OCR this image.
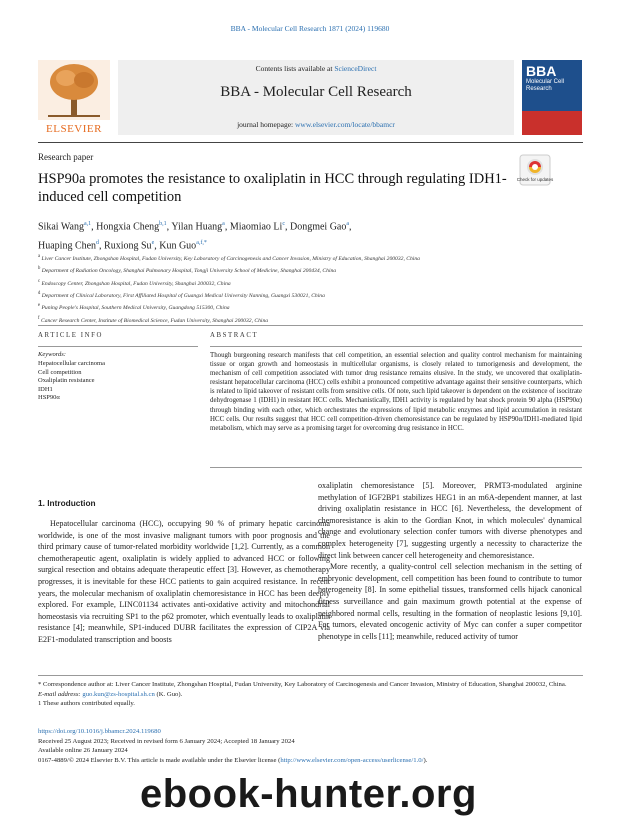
BBA - Molecular Cell Research 1871 (2024) 119680
ELSEVIER
Contents lists available at ScienceDirect
BBA - Molecular Cell Research
journal homepage: www.elsevier.com/locate/bbamcr
BBA
Molecular Cell Research
Research paper
HSP90a promotes the resistance to oxaliplatin in HCC through regulating IDH1-induced cell competition
Check for updates
Sikai Wang$^{a,1}$, Hongxia Cheng$^{b,1}$, Yilan Huang$^a$, Miaomiao Li$^c$, Dongmei Gao$^a$,
Huaping Chen$^d$, Ruxiong Su$^e$, Kun Guo$^{a,f,*}$
$^a$ Liver Cancer Institute, Zhongshan Hospital, Fudan University, Key Laboratory of Carcinogenesis and Cancer Invasion, Ministry of Education, Shanghai 200032, China
$^b$ Department of Radiation Oncology, Shanghai Pulmonary Hospital, Tongji University School of Medicine, Shanghai 200434, China
$^c$ Endoscopy Center, Zhongshan Hospital, Fudan University, Shanghai 200032, China
$^d$ Department of Clinical Laboratory, First Affiliated Hospital of Guangxi Medical University Nanning, Guangxi 530021, China
$^e$ Puning People's Hospital, Southern Medical University, Guangdong 515300, China
$^f$ Cancer Research Center, Institute of Biomedical Science, Fudan University, Shanghai 200032, China
ARTICLE INFO	ABSTRACT
Keywords:
Hepatocellular carcinoma
Cell competition
Oxaliplatin resistance
IDH1
HSP90α
Though burgeoning research manifests that cell competition, an essential selection and quality control mechanism for maintaining tissue or organ growth and homeostasis in multicellular organisms, is closely related to tumorigenesis and development, the mechanism of cell competition associated with tumor drug resistance remains elusive. In the study, we uncovered that oxaliplatin-resistant hepatocellular carcinoma (HCC) cells exhibit a pronounced competitive advantage against their sensitive counterparts, which is related to lipid takeover of resistant cells from sensitive cells. Of note, such lipid takeover is dependent on the existence of isocitrate dehydrogenase 1 (IDH1) in resistant HCC cells. Mechanistically, IDH1 activity is regulated by heat shock protein 90 alpha (HSP90α) through binding with each other, which orchestrates the expressions of lipid metabolic enzymes and lipid accumulation in resistant HCC cells. Our results suggest that HCC cell competition-driven chemoresistance can be regulated by HSP90α/IDH1-mediated lipid metabolism, which may serve as a promising target for overcoming drug resistance in HCC.
1. Introduction

Hepatocellular carcinoma (HCC), occupying 90 % of primary hepatic carcinoma worldwide, is one of the most invasive malignant tumors with poor prognosis and the third primary cause of tumor-related morbidity worldwide [1,2]. Currently, as a common chemotherapeutic agent, oxaliplatin is widely applied to advanced HCC or following surgical resection and obtains adequate therapeutic effect [3]. However, as chemotherapy progresses, it is inevitable for these HCC patients to gain acquired resistance. In recent years, the molecular mechanism of oxaliplatin chemoresistance in HCC has been deeply explored. For example, LINC01134 activates anti-oxidative activity and mitochondrial homeostasis via recruiting SP1 to the p62 promoter, which eventually leads to oxaliplatin resistance [4]; meanwhile, SP1-induced DUBR facilitates the expression of CIP2A via E2F1-modulated transcription and boosts

oxaliplatin chemoresistance [5]. Moreover, PRMT3-modulated arginine methylation of IGF2BP1 stabilizes HEG1 in an m6A-dependent manner, at last driving oxaliplatin resistance in HCC [6]. Nevertheless, the development of chemoresistance is akin to the Gordian Knot, in which molecules' dynamical change and evolutionary selection confer tumors with diverse phenotypes and complex heterogeneity [7], suggesting urgently a necessity to characterize the direct link between cancer cell heterogeneity and chemoresistance.

More recently, a quality-control cell selection mechanism in the setting of embryonic development, cell competition has been found to contribute to tumor heterogeneity [8]. In some epithelial tissues, transformed cells hijack canonical fitness surveillance and gain maximum growth potential at the expense of neighbored normal cells, resulting in the formation of neoplastic lesions [9,10]. For tumors, elevated oncogenic activity of Myc can confer a super competitor phenotype in cells [11]; meanwhile, reduced activity of tumor

* Correspondence author at: Liver Cancer Institute, Zhongshan Hospital, Fudan University, Key Laboratory of Carcinogenesis and Cancer Invasion, Ministry of Education, Shanghai 200032, China.
E-mail address: guo.kun@zs-hospital.sh.cn (K. Guo).
1 These authors contributed equally.
https://doi.org/10.1016/j.bbamcr.2024.119680
Received 25 August 2023; Received in revised form 6 January 2024; Accepted 18 January 2024
Available online 26 January 2024
0167-4889/© 2024 Elsevier B.V. This article is made available under the Elsevier license (http://www.elsevier.com/open-access/userlicense/1.0/).
ebook-hunter.org
